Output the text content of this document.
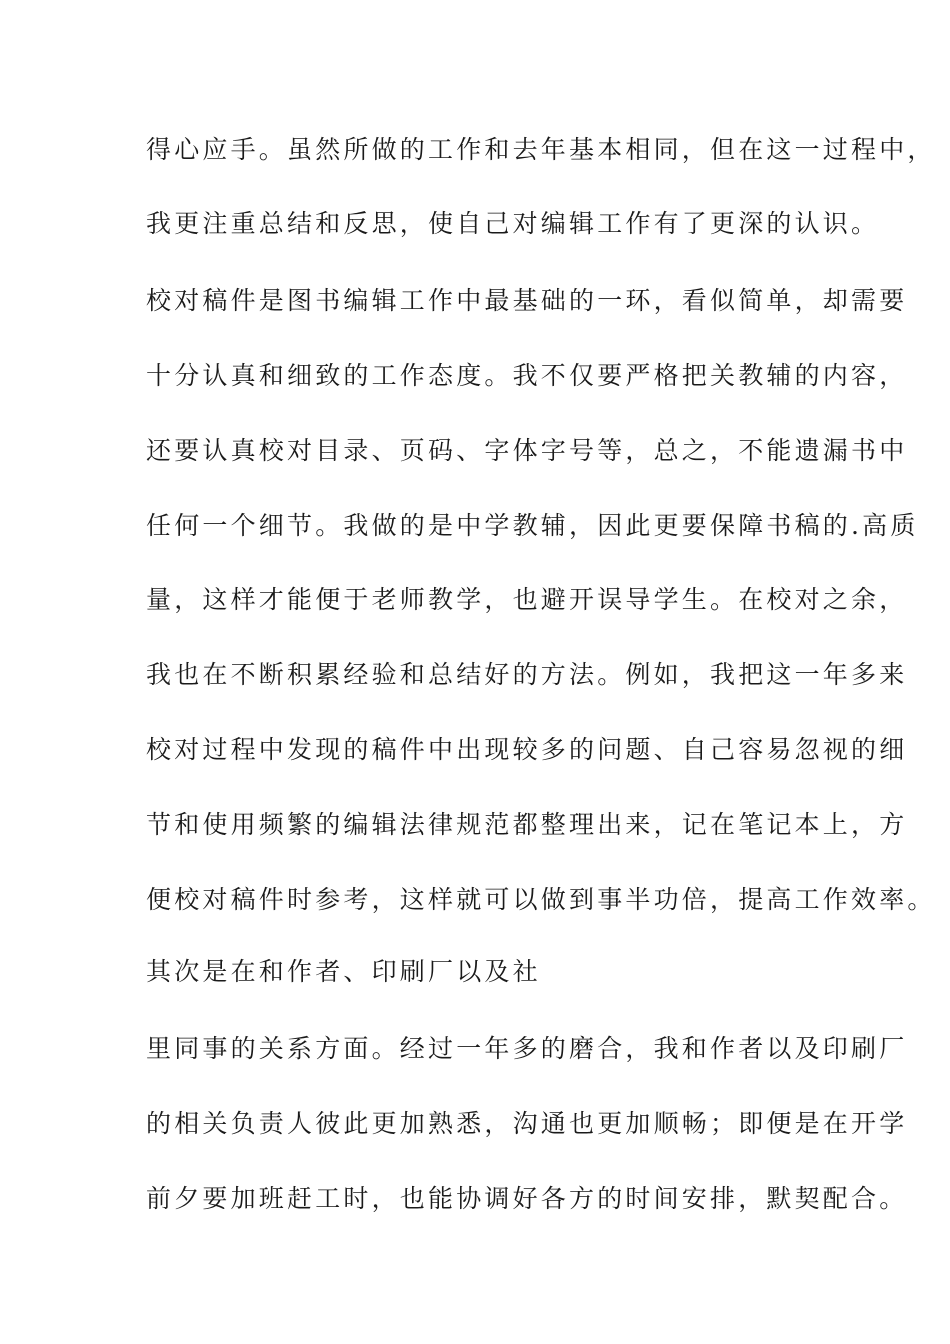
得心应手。虽然所做的工作和去年基本相同，但在这一过程中，

我更注重总结和反思，使自己对编辑工作有了更深的认识。

校对稿件是图书编辑工作中最基础的一环，看似简单，却需要

十分认真和细致的工作态度。我不仅要严格把关教辅的内容，

还要认真校对目录、页码、字体字号等，总之，不能遗漏书中

任何一个细节。我做的是中学教辅，因此更要保障书稿的.高质

量，这样才能便于老师教学，也避开误导学生。在校对之余，

我也在不断积累经验和总结好的方法。例如，我把这一年多来

校对过程中发现的稿件中出现较多的问题、自己容易忽视的细

节和使用频繁的编辑法律规范都整理出来，记在笔记本上，方

便校对稿件时参考，这样就可以做到事半功倍，提高工作效率。

其次是在和作者、印刷厂以及社

里同事的关系方面。经过一年多的磨合，我和作者以及印刷厂

的相关负责人彼此更加熟悉，沟通也更加顺畅；即便是在开学

前夕要加班赶工时，也能协调好各方的时间安排，默契配合。
